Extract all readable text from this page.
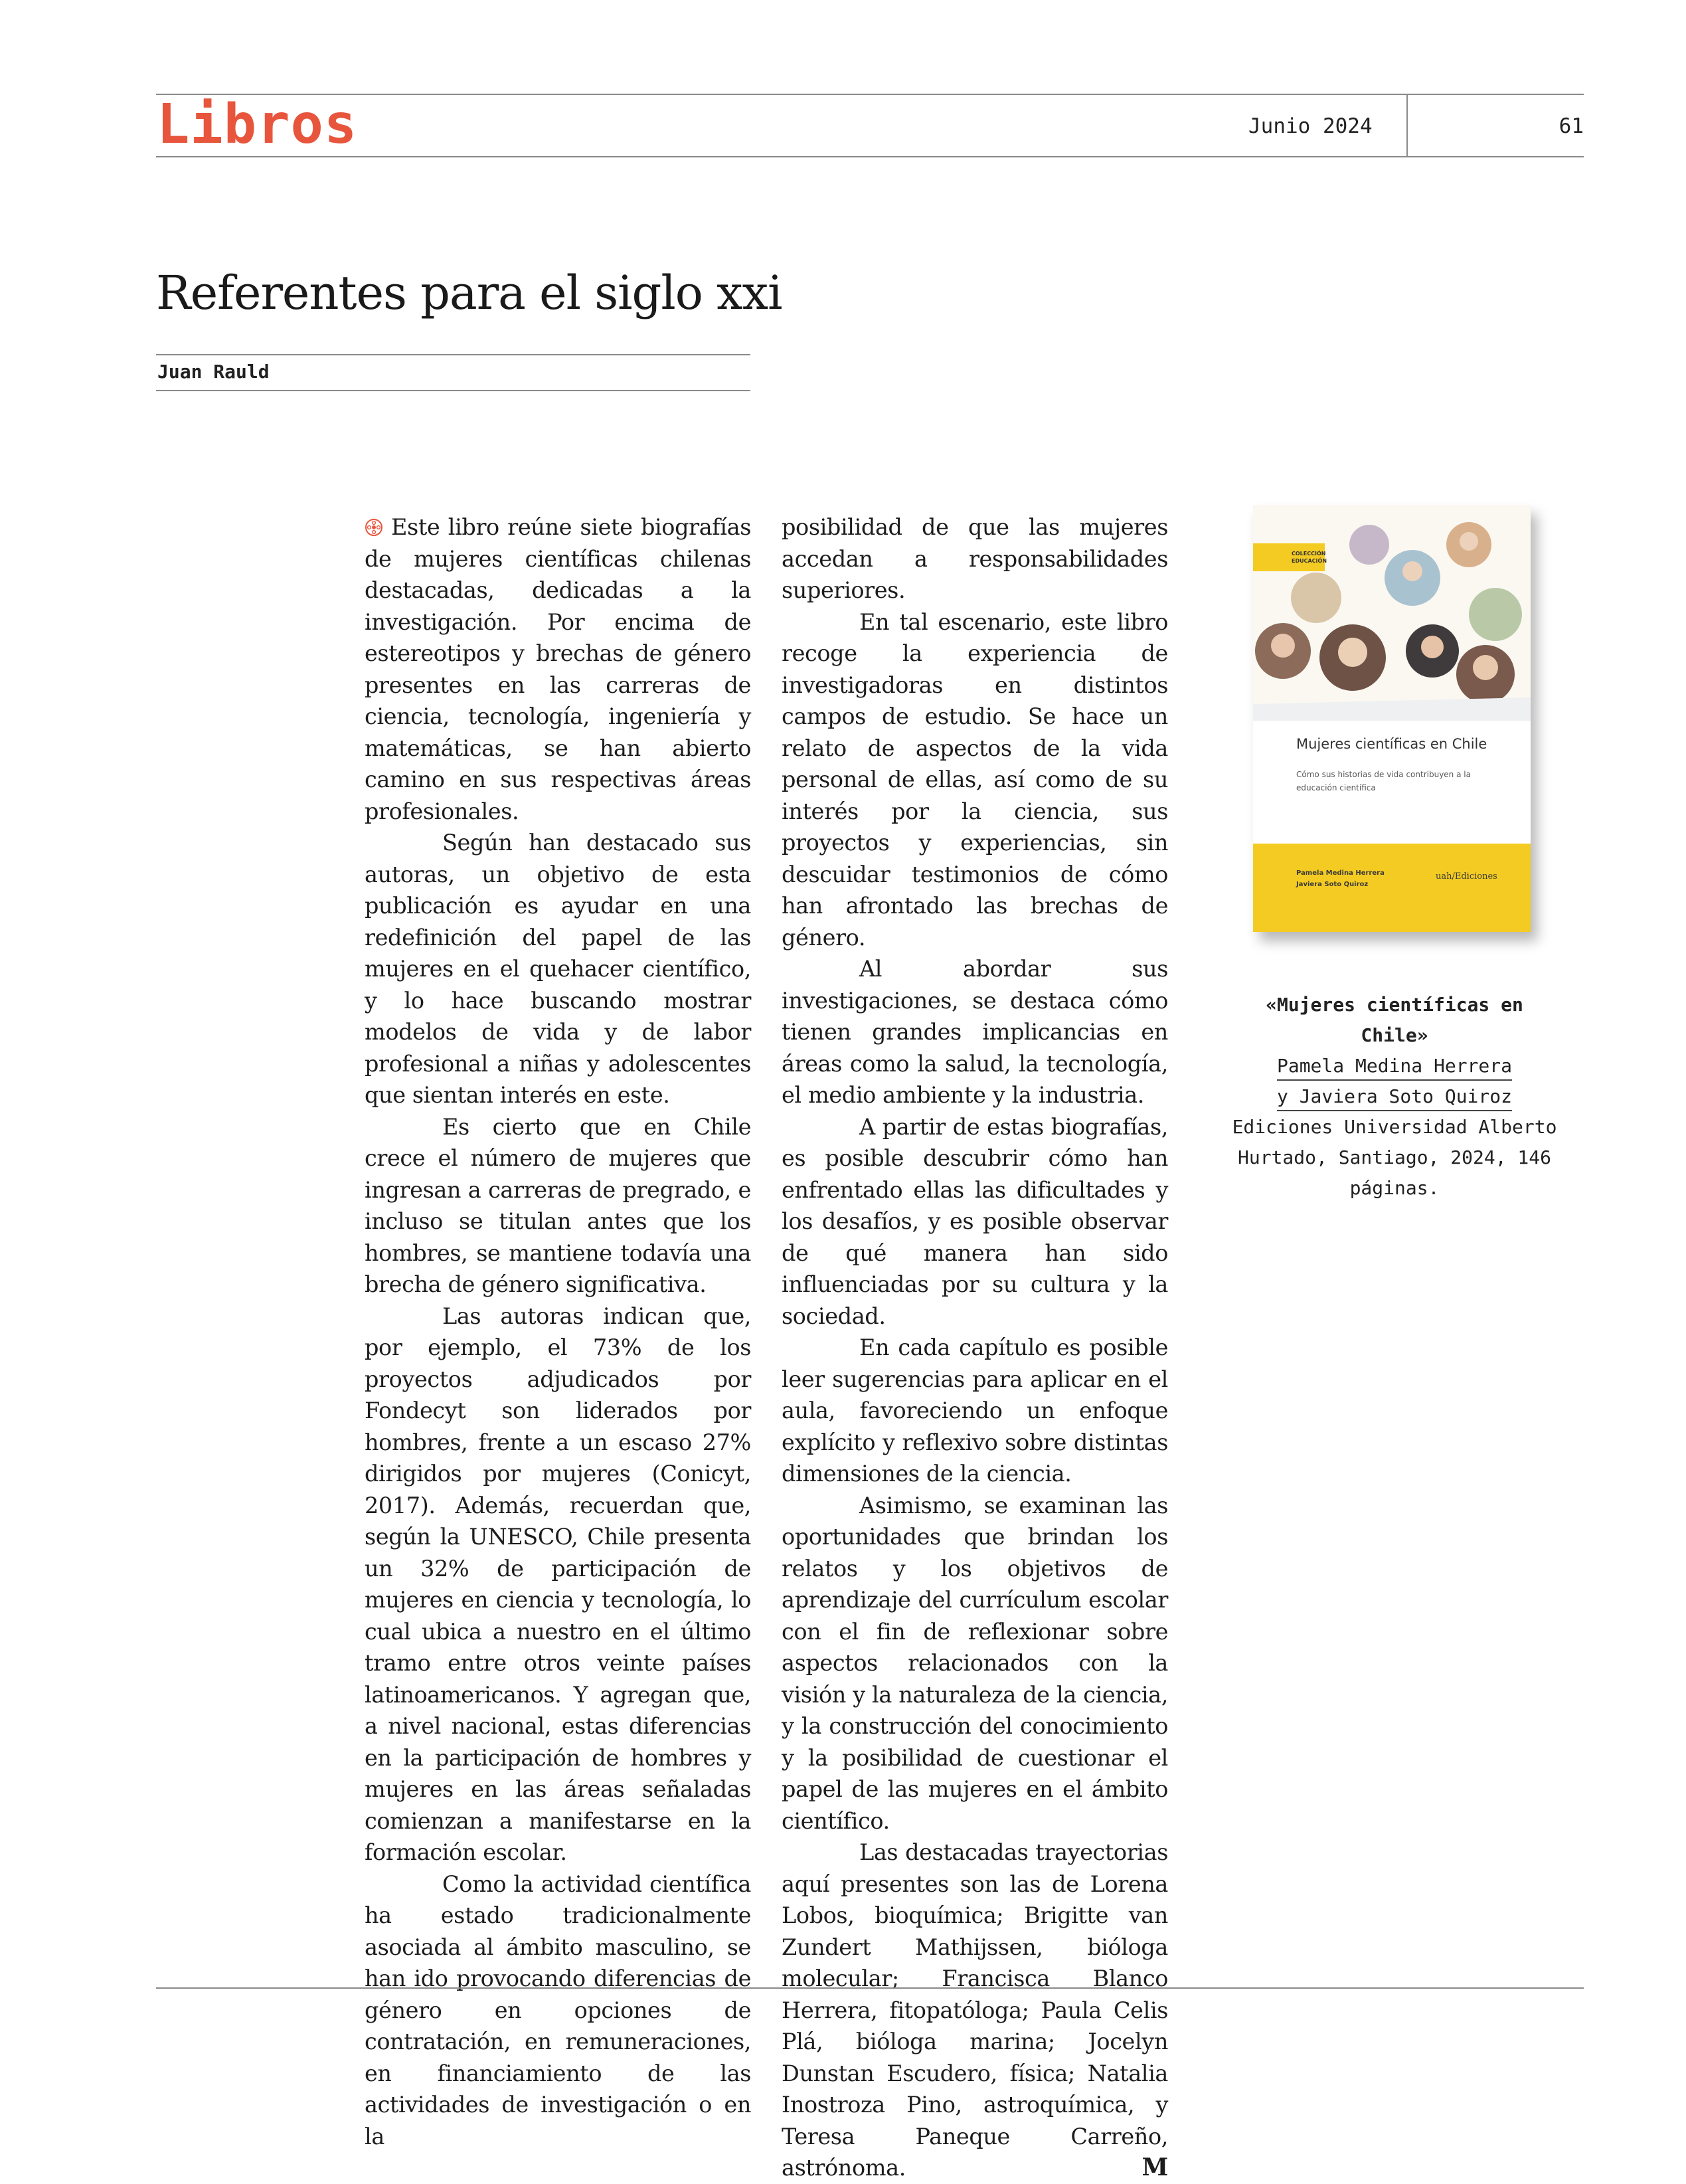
Libros	Junio 2024	61
Referentes para el siglo xxi
Juan Rauld

Este libro reúne siete biografías de mujeres científicas chilenas destacadas, dedicadas a la investigación. Por encima de estereotipos y brechas de género presentes en las carreras de ciencia, tecnología, ingeniería y matemáticas, se han abierto camino en sus respectivas áreas profesionales.

Según han destacado sus autoras, un objetivo de esta publicación es ayudar en una redefinición del papel de las mujeres en el quehacer científico, y lo hace buscando mostrar modelos de vida y de labor profesional a niñas y adolescentes que sientan interés en este.

Es cierto que en Chile crece el número de mujeres que ingresan a carreras de pregrado, e incluso se titulan antes que los hombres, se mantiene todavía una brecha de género significativa.

Las autoras indican que, por ejemplo, el 73% de los proyectos adjudicados por Fondecyt son liderados por hombres, frente a un escaso 27% dirigidos por mujeres (Conicyt, 2017). Además, recuerdan que, según la UNESCO, Chile presenta un 32% de participación de mujeres en ciencia y tecnología, lo cual ubica a nuestro en el último tramo entre otros veinte países latinoamericanos. Y agregan que, a nivel nacional, estas diferencias en la participación de hombres y mujeres en las áreas señaladas comienzan a manifestarse en la formación escolar.

Como la actividad científica ha estado tradicionalmente asociada al ámbito masculino, se han ido provocando diferencias de género en opciones de contratación, en remuneraciones, en financiamiento de las actividades de investigación o en la

posibilidad de que las mujeres accedan a responsabilidades superiores.

En tal escenario, este libro recoge la experiencia de investigadoras en distintos campos de estudio. Se hace un relato de aspectos de la vida personal de ellas, así como de su interés por la ciencia, sus proyectos y experiencias, sin descuidar testimonios de cómo han afrontado las brechas de género.

Al abordar sus investigaciones, se destaca cómo tienen grandes implicancias en áreas como la salud, la tecnología, el medio ambiente y la industria.

A partir de estas biografías, es posible descubrir cómo han enfrentado ellas las dificultades y los desafíos, y es posible observar de qué manera han sido influenciadas por su cultura y la sociedad.

En cada capítulo es posible leer sugerencias para aplicar en el aula, favoreciendo un enfoque explícito y reflexivo sobre distintas dimensiones de la ciencia.

Asimismo, se examinan las oportunidades que brindan los relatos y los objetivos de aprendizaje del currículum escolar con el fin de reflexionar sobre aspectos relacionados con la visión y la naturaleza de la ciencia, y la construcción del conocimiento y la posibilidad de cuestionar el papel de las mujeres en el ámbito científico.

Las destacadas trayectorias aquí presentes son las de Lorena Lobos, bioquímica; Brigitte van Zundert Mathijssen, bióloga molecular; Francisca Blanco Herrera, fitopatóloga; Paula Celis Plá, bióloga marina; Jocelyn Dunstan Escudero, física; Natalia Inostroza Pino, astroquímica, y Teresa Paneque Carreño, astrónoma.	M

COLECCIÓN EDUCACIÓN
Mujeres científicas en Chile
Cómo sus historias de vida contribuyen a la educación científica
Pamela Medina Herrera
Javiera Soto Quiroz
uah/Ediciones
«Mujeres científicas en Chile»
Pamela Medina Herrera
y Javiera Soto Quiroz
Ediciones Universidad Alberto Hurtado, Santiago, 2024, 146 páginas.
